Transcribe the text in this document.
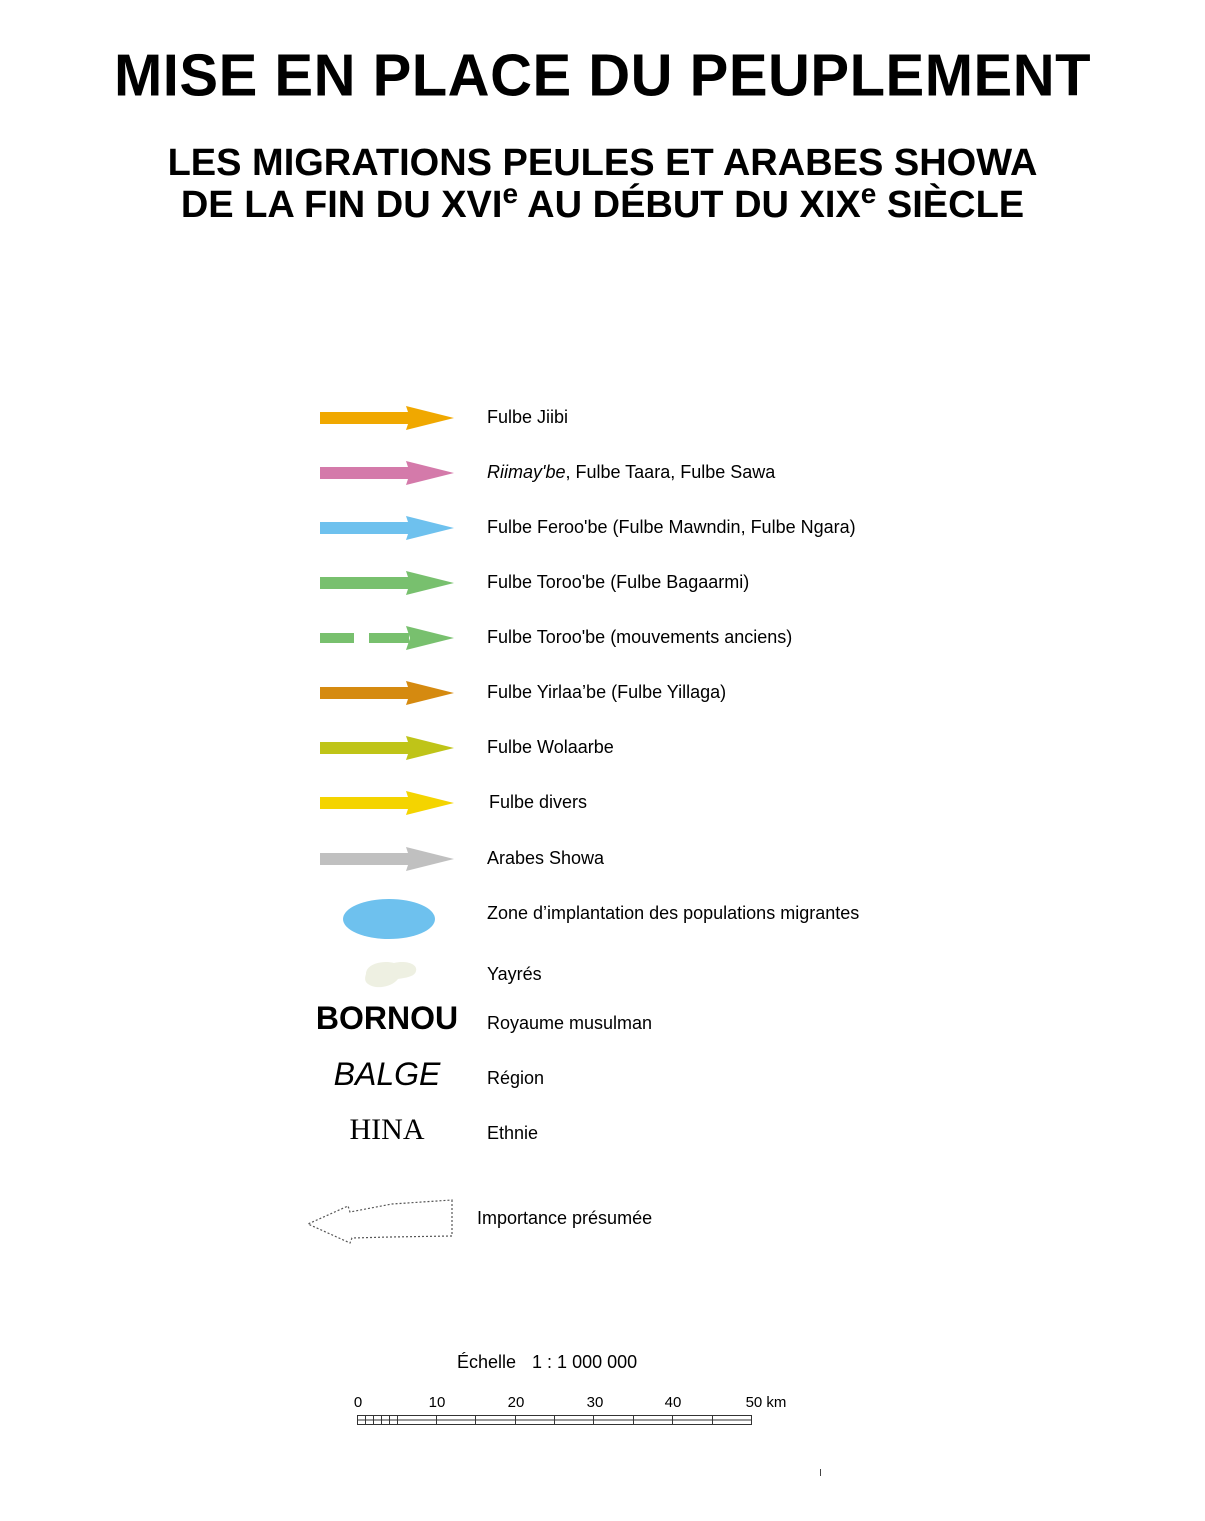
MISE EN PLACE DU PEUPLEMENT
LES MIGRATIONS PEULES ET ARABES SHOWA
DE LA FIN DU XVIe AU DÉBUT DU XIXe SIÈCLE
Fulbe Jiibi
Riimay'be, Fulbe Taara, Fulbe Sawa
Fulbe Feroo'be (Fulbe Mawndin, Fulbe Ngara)
Fulbe Toroo'be (Fulbe Bagaarmi)
Fulbe Toroo'be (mouvements anciens)
Fulbe Yirlaa’be (Fulbe Yillaga)
Fulbe Wolaarbe
Fulbe divers
Arabes Showa
Zone d’implantation des populations migrantes
Yayrés
BORNOU Royaume musulman
BALGE	Région
HINA	Ethnie
Importance présumée
Échelle 1 : 1 000 000
0	10	20	30	40	50 km
